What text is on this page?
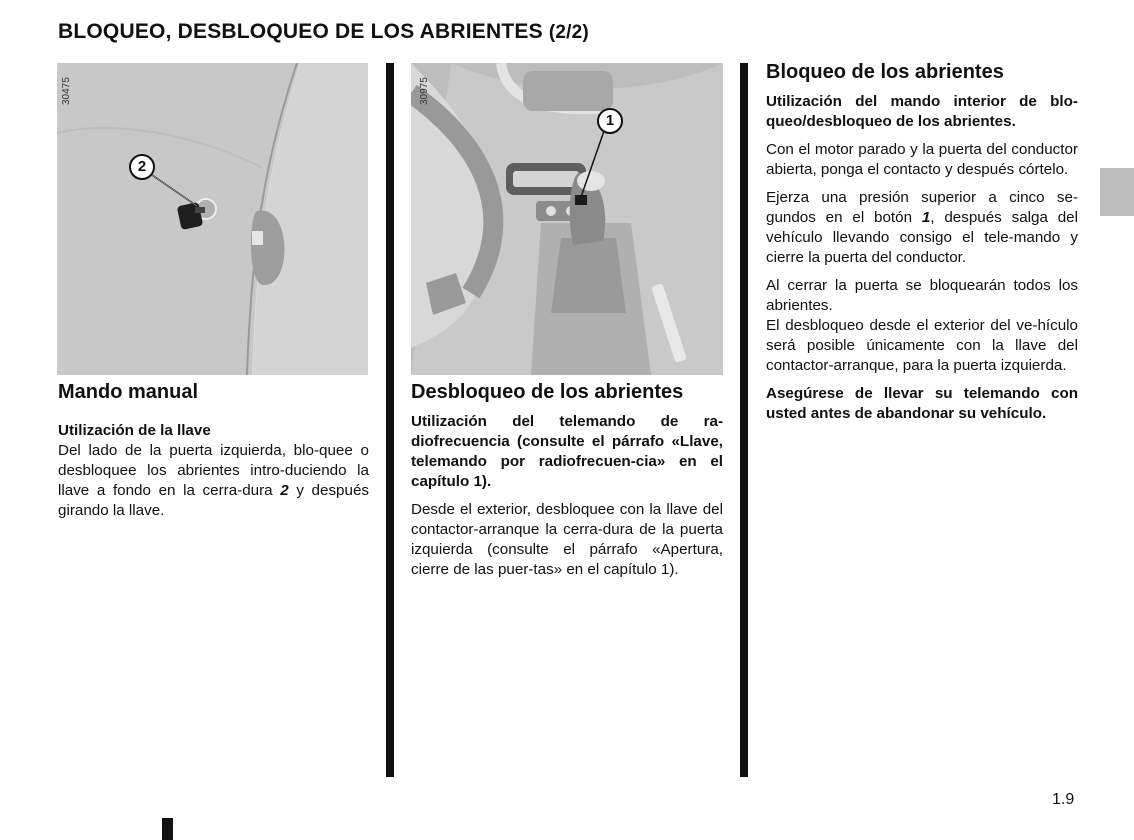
BLOQUEO, DESBLOQUEO DE LOS ABRIENTES (2/2)
2
30475
1
30975
Mando manual

Utilización de la llave

Del lado de la puerta izquierda, blo-quee o desbloquee los abrientes intro-duciendo la llave a fondo en la cerra-dura 2 y después girando la llave.

Desbloqueo de los abrientes

Utilización del telemando de ra-diofrecuencia (consulte el párrafo «Llave, telemando por radiofrecuen-cia» en el capítulo 1).

Desde el exterior, desbloquee con la llave del contactor-arranque la cerra-dura de la puerta izquierda (consulte el párrafo «Apertura, cierre de las puer-tas» en el capítulo 1).

Bloqueo de los abrientes

Utilización del mando interior de blo-queo/desbloqueo de los abrientes.

Con el motor parado y la puerta del conductor abierta, ponga el contacto y después córtelo.

Ejerza una presión superior a cinco se-gundos en el botón 1, después salga del vehículo llevando consigo el tele-mando y cierre la puerta del conductor.

Al cerrar la puerta se bloquearán todos los abrientes.

El desbloqueo desde el exterior del ve-hículo será posible únicamente con la llave del contactor-arranque, para la puerta izquierda.

Asegúrese de llevar su telemando con usted antes de abandonar su vehículo.

1.9
